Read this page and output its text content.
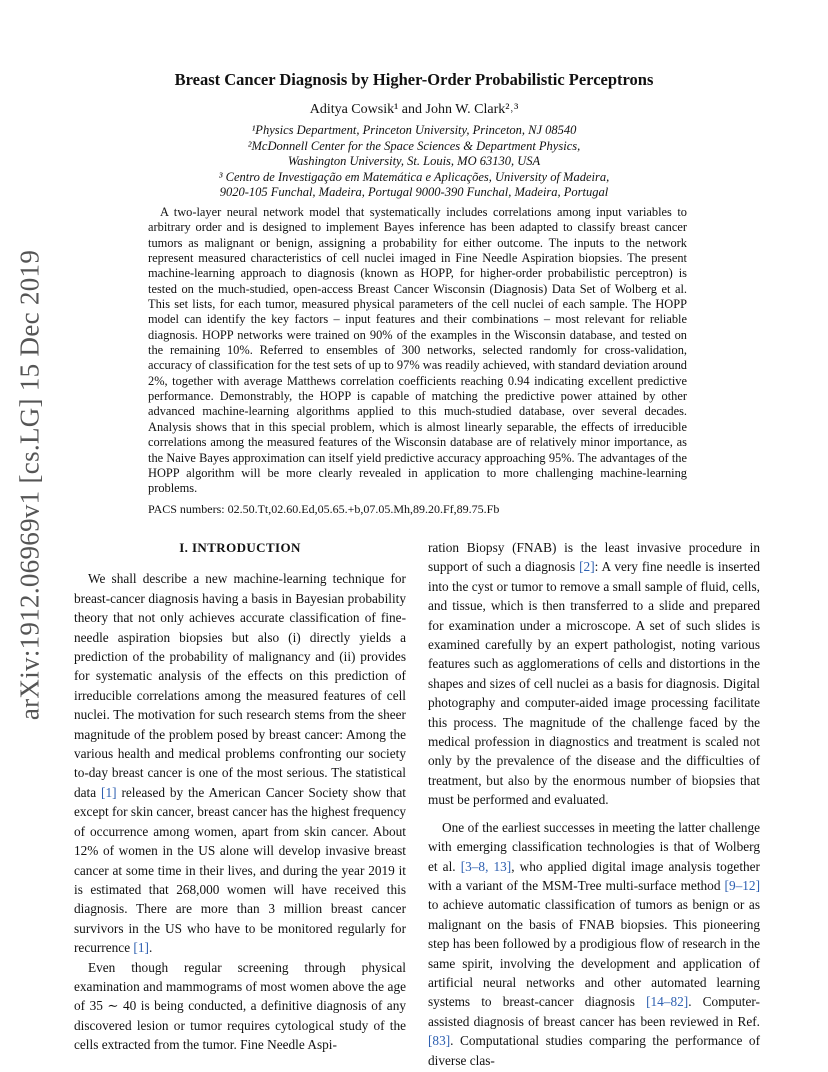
arXiv:1912.06969v1 [cs.LG] 15 Dec 2019
Breast Cancer Diagnosis by Higher-Order Probabilistic Perceptrons
Aditya Cowsik¹ and John W. Clark²˒³
¹Physics Department, Princeton University, Princeton, NJ 08540
²McDonnell Center for the Space Sciences & Department Physics,
Washington University, St. Louis, MO 63130, USA
³ Centro de Investigação em Matemática e Aplicações, University of Madeira,
9020-105 Funchal, Madeira, Portugal 9000-390 Funchal, Madeira, Portugal

A two-layer neural network model that systematically includes correlations among input variables to arbitrary order and is designed to implement Bayes inference has been adapted to classify breast cancer tumors as malignant or benign, assigning a probability for either outcome. The inputs to the network represent measured characteristics of cell nuclei imaged in Fine Needle Aspiration biopsies. The present machine-learning approach to diagnosis (known as HOPP, for higher-order probabilistic perceptron) is tested on the much-studied, open-access Breast Cancer Wisconsin (Diagnosis) Data Set of Wolberg et al. This set lists, for each tumor, measured physical parameters of the cell nuclei of each sample. The HOPP model can identify the key factors – input features and their combinations – most relevant for reliable diagnosis. HOPP networks were trained on 90% of the examples in the Wisconsin database, and tested on the remaining 10%. Referred to ensembles of 300 networks, selected randomly for cross-validation, accuracy of classification for the test sets of up to 97% was readily achieved, with standard deviation around 2%, together with average Matthews correlation coefficients reaching 0.94 indicating excellent predictive performance. Demonstrably, the HOPP is capable of matching the predictive power attained by other advanced machine-learning algorithms applied to this much-studied database, over several decades. Analysis shows that in this special problem, which is almost linearly separable, the effects of irreducible correlations among the measured features of the Wisconsin database are of relatively minor importance, as the Naive Bayes approximation can itself yield predictive accuracy approaching 95%. The advantages of the HOPP algorithm will be more clearly revealed in application to more challenging machine-learning problems.

PACS numbers: 02.50.Tt,02.60.Ed,05.65.+b,07.05.Mh,89.20.Ff,89.75.Fb
I. INTRODUCTION

We shall describe a new machine-learning technique for breast-cancer diagnosis having a basis in Bayesian probability theory that not only achieves accurate classification of fine-needle aspiration biopsies but also (i) directly yields a prediction of the probability of malignancy and (ii) provides for systematic analysis of the effects on this prediction of irreducible correlations among the measured features of cell nuclei. The motivation for such research stems from the sheer magnitude of the problem posed by breast cancer: Among the various health and medical problems confronting our society to-day breast cancer is one of the most serious. The statistical data [1] released by the American Cancer Society show that except for skin cancer, breast cancer has the highest frequency of occurrence among women, apart from skin cancer. About 12% of women in the US alone will develop invasive breast cancer at some time in their lives, and during the year 2019 it is estimated that 268,000 women will have received this diagnosis. There are more than 3 million breast cancer survivors in the US who have to be monitored regularly for recurrence [1].

Even though regular screening through physical examination and mammograms of most women above the age of 35 ∼ 40 is being conducted, a definitive diagnosis of any discovered lesion or tumor requires cytological study of the cells extracted from the tumor. Fine Needle Aspi-

ration Biopsy (FNAB) is the least invasive procedure in support of such a diagnosis [2]: A very fine needle is inserted into the cyst or tumor to remove a small sample of fluid, cells, and tissue, which is then transferred to a slide and prepared for examination under a microscope. A set of such slides is examined carefully by an expert pathologist, noting various features such as agglomerations of cells and distortions in the shapes and sizes of cell nuclei as a basis for diagnosis. Digital photography and computer-aided image processing facilitate this process. The magnitude of the challenge faced by the medical profession in diagnostics and treatment is scaled not only by the prevalence of the disease and the difficulties of treatment, but also by the enormous number of biopsies that must be performed and evaluated.

One of the earliest successes in meeting the latter challenge with emerging classification technologies is that of Wolberg et al. [3–8, 13], who applied digital image analysis together with a variant of the MSM-Tree multi-surface method [9–12] to achieve automatic classification of tumors as benign or as malignant on the basis of FNAB biopsies. This pioneering step has been followed by a prodigious flow of research in the same spirit, involving the development and application of artificial neural networks and other automated learning systems to breast-cancer diagnosis [14–82]. Computer-assisted diagnosis of breast cancer has been reviewed in Ref. [83]. Computational studies comparing the performance of diverse clas-
